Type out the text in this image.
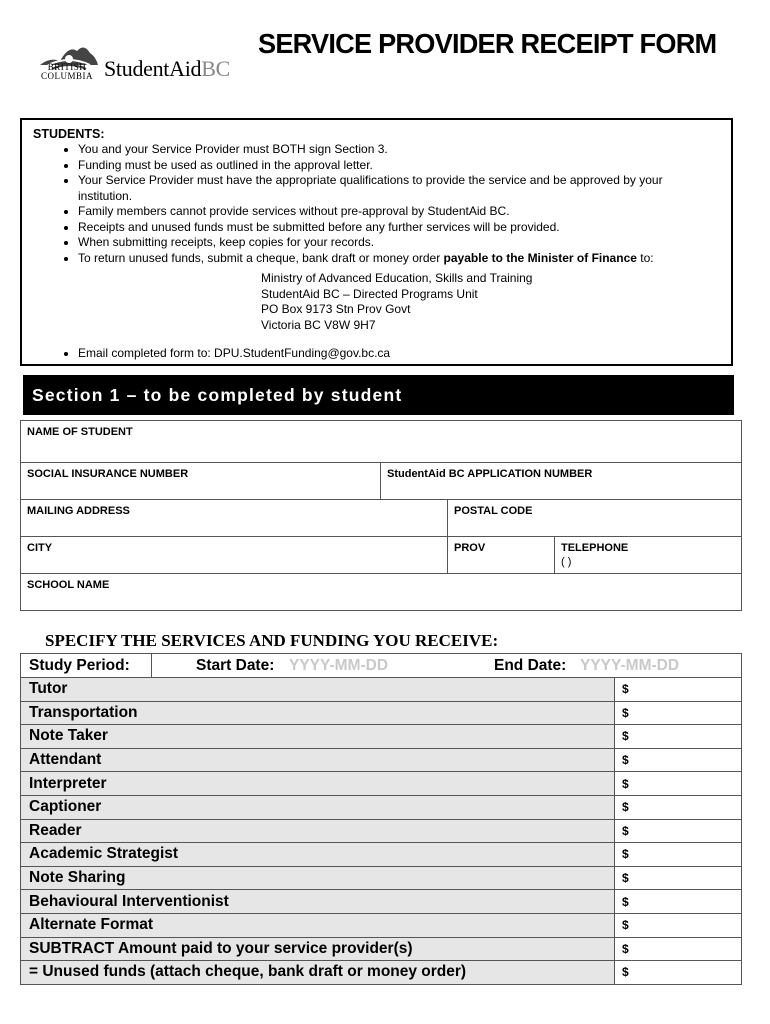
BRITISH
COLUMBIA StudentAidBC
SERVICE PROVIDER RECEIPT FORM
STUDENTS:
• You and your Service Provider must BOTH sign Section 3.
• Funding must be used as outlined in the approval letter.
• Your Service Provider must have the appropriate qualifications to provide the service and be approved by your institution.
• Family members cannot provide services without pre-approval by StudentAid BC.
• Receipts and unused funds must be submitted before any further services will be provided.
• When submitting receipts, keep copies for your records.
• To return unused funds, submit a cheque, bank draft or money order payable to the Minister of Finance to:
Ministry of Advanced Education, Skills and Training
StudentAid BC – Directed Programs Unit
PO Box 9173 Stn Prov Govt
Victoria BC V8W 9H7
• Email completed form to: DPU.StudentFunding@gov.bc.ca
Section 1 – to be completed by student
NAME OF STUDENT
SOCIAL INSURANCE NUMBER	StudentAid BC APPLICATION NUMBER
MAILING ADDRESS	POSTAL CODE
CITY	PROV	TELEPHONE
( )
SCHOOL NAME
SPECIFY THE SERVICES AND FUNDING YOU RECEIVE:
Study Period:	Start Date: YYYY-MM-DD End Date: YYYY-MM-DD	

Tutor		$
Transportation		$
Note Taker		$
Attendant		$
Interpreter		$
Captioner		$
Reader		$
Academic Strategist		$
Note Sharing		$
Behavioural Interventionist		$
Alternate Format		$
SUBTRACT Amount paid to your service provider(s)		$
= Unused funds (attach cheque, bank draft or money order)		$
